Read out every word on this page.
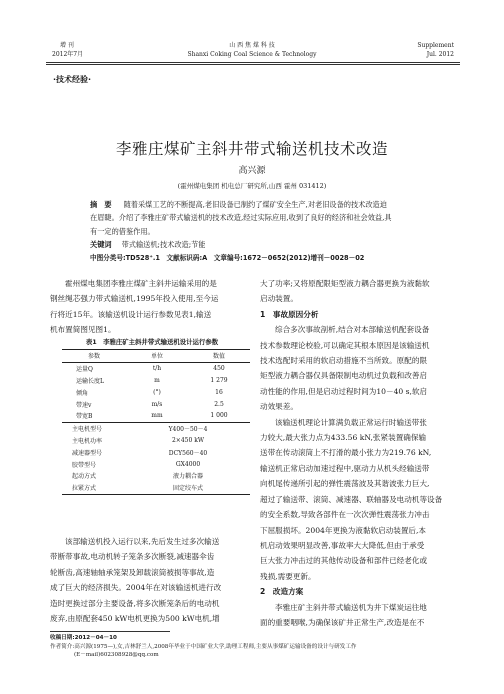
增 刊
2012年7月
山 西 焦 煤 科 技
Shanxi Coking Coal Science & Technology
Supplement
Jul. 2012
·技术经验·
李雅庄煤矿主斜井带式输送机技术改造
高兴源
(霍州煤电集团 机电总厂研究所,山西 霍州 031412)
摘　要 随着采煤工艺的不断提高,老旧设备已制约了煤矿安全生产,对老旧设备的技术改造迫
在眉睫。介绍了李雅庄矿带式输送机的技术改造,经过实际应用,收到了良好的经济和社会效益,具
有一定的借鉴作用。
关键词 带式输送机;技术改造;节能
中图分类号:TD528⁺.1　文献标识码:A　文章编号:1672－0652(2012)增刊－0028－02
霍州煤电集团李雅庄煤矿主斜井运输采用的是
钢丝绳芯强力带式输送机,1995年投入使用,至今运
行将近15年。该输送机设计运行参数见表1,输送
机布置简图见图1。
表1　李雅庄矿主斜井带式输送机设计运行参数
参数	单位	数值
运量Q	t/h	450
运输长度L	m	1 279
倾角	(°)	16
带速v	m/s	2.5
带宽B	mm	1 000
主电机型号	Y400－50－4	
主电机功率	2×450 kW	
减速器型号	DCY560－40	
胶带型号	GX4000	
起动方式	液力耦合器	
拉紧方式	固定绞车式	
该部输送机投入运行以来,先后发生过多次输送
带断带事故,电动机转子笼条多次断裂,减速器伞齿
轮断齿,高速轴轴承笼架及卸载滚筒被损等事故,造
成了巨大的经济损失。2004年在对该输送机进行改
造时更换过部分主要设备,将多次断笼条后的电动机
废弃,由原配套450 kW电机更换为500 kW电机,增
大了功率;又将原配限矩型液力耦合器更换为液黏软
启动装置。
1　事故原因分析
综合多次事故剖析,结合对本部输送机配套设备
技术参数理论校验,可以确定其根本原因是该输送机
技术选配时采用的软启动措施不当所致。原配的限
矩型液力耦合器仅具备限制电动机过负载和改善启
动性能的作用,但是启动过程时间为10－40 s,软启
动效果差。
该输送机理论计算满负载正常运行时输送带张
力较大,最大张力点为433.56 kN,张紧装置确保输
送带在传动滚筒上不打滑的最小张力为219.76 kN,
输送机正常启动加速过程中,驱动力从机头经输送带
向机尾传递所引起的弹性震荡波及其谐波张力巨大,
超过了输送带、滚筒、减速器、联轴器及电动机等设备
的安全系数,导致各部件在一次次弹性震荡张力冲击
下屈服损坏。2004年更换为液黏软启动装置后,本
机启动效果明显改善,事故率大大降低,但由于承受
巨大张力冲击过的其他传动设备和部件已经老化或
残损,需要更新。
2　改造方案
李雅庄矿主斜井带式输送机为井下煤炭运往地
面的重要咽喉,为确保该矿井正常生产,改造是在不
收稿日期:2012－04－10
作者简介:高兴源(1975—),女,吉林舒兰人,2008年毕业于中国矿业大学,助理工程师,主要从事煤矿运输设备的设计与研发工作
(E－mail)602308928@qq.com
